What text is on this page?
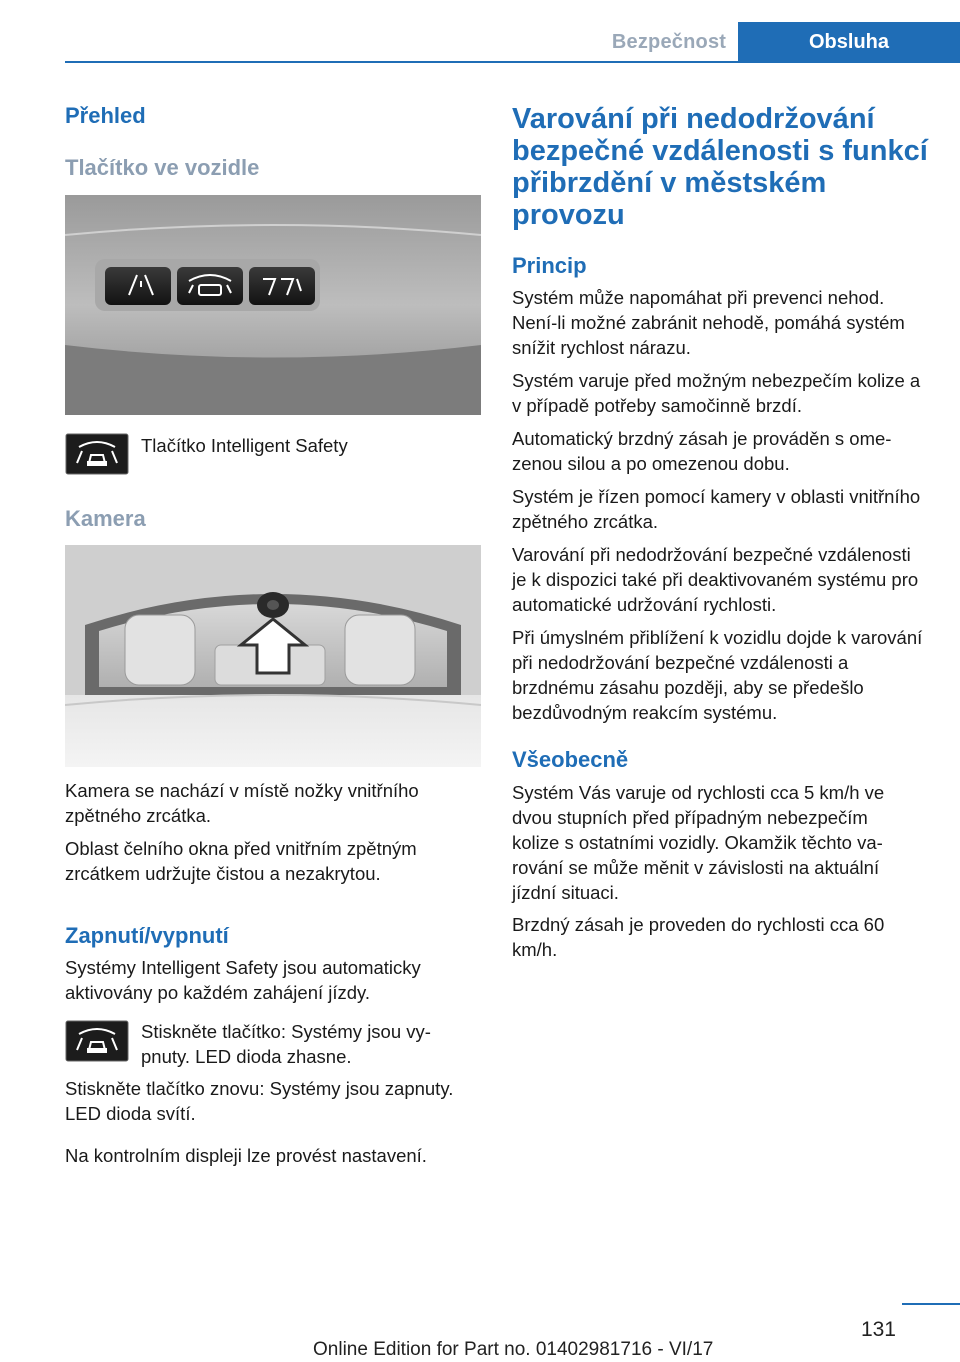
Bezpečnost	Obsluha
Přehled
Tlačítko ve vozidle
Tlačítko Intelligent Safety
Kamera
Kamera se nachází v místě nožky vnitřního zpětného zrcátka.
Oblast čelního okna před vnitřním zpětným zrcátkem udržujte čistou a nezakrytou.
Zapnutí/vypnutí
Systémy Intelligent Safety jsou automaticky aktivovány po každém zahájení jízdy.
Stiskněte tlačítko: Systémy jsou vypnuty. LED dioda zhasne.
Stiskněte tlačítko znovu: Systémy jsou zapnuty. LED dioda svítí.
Na kontrolním displeji lze provést nastavení.
Varování při nedodržování bezpečné vzdálenosti s funkcí přibrzdění v městském provozu
Princip
Systém může napomáhat při prevenci nehod. Není-li možné zabránit nehodě, pomáhá systém snížit rychlost nárazu.
Systém varuje před možným nebezpečím kolize a v případě potřeby samočinně brzdí.
Automatický brzdný zásah je prováděn s omezenou silou a po omezenou dobu.
Systém je řízen pomocí kamery v oblasti vnitřního zpětného zrcátka.
Varování při nedodržování bezpečné vzdálenosti je k dispozici také při deaktivovaném systému pro automatické udržování rychlosti.
Při úmyslném přiblížení k vozidlu dojde k varování při nedodržování bezpečné vzdálenosti a brzdnému zásahu později, aby se předešlo bezdůvodným reakcím systému.
Všeobecně
Systém Vás varuje od rychlosti cca 5 km/h ve dvou stupních před případným nebezpečím kolize s ostatními vozidly. Okamžik těchto varování se může měnit v závislosti na aktuální jízdní situaci.
Brzdný zásah je proveden do rychlosti cca 60 km/h.
131
Online Edition for Part no. 01402981716 - VI/17
